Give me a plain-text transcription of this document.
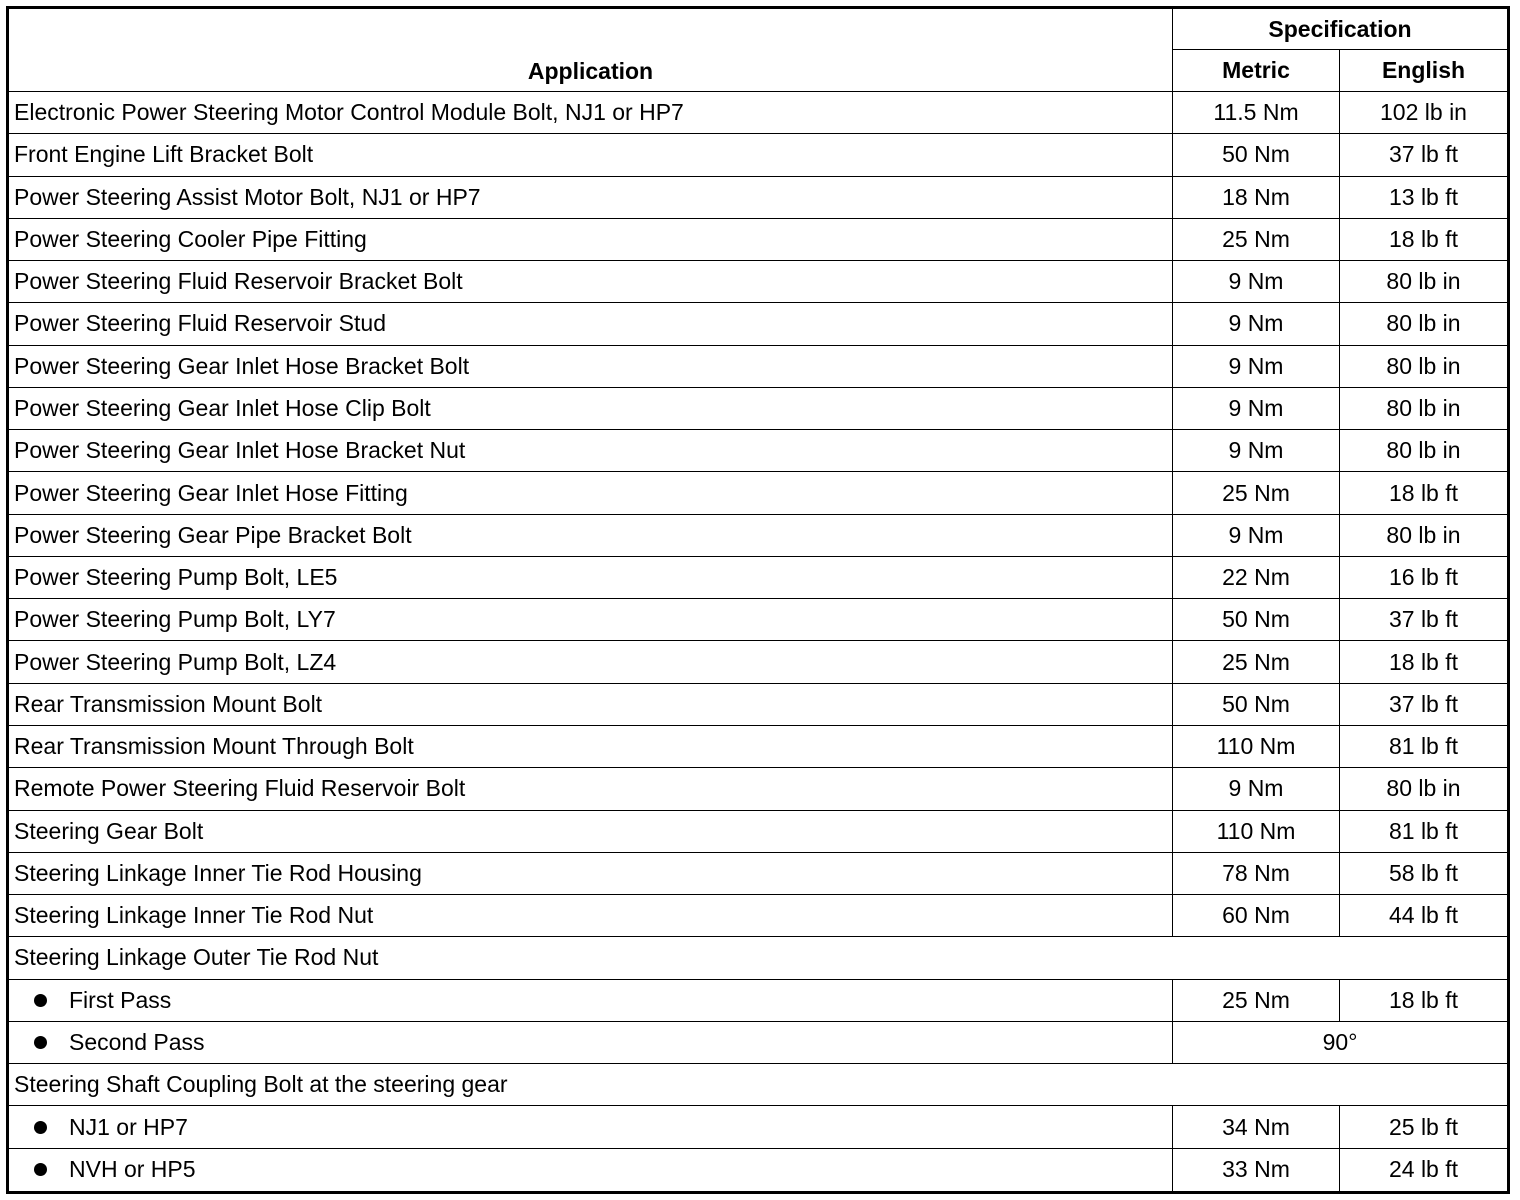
Application	Specification	
	Metric	English
Electronic Power Steering Motor Control Module Bolt, NJ1 or HP7	11.5 Nm	102 lb in
Front Engine Lift Bracket Bolt	50 Nm	37 lb ft
Power Steering Assist Motor Bolt, NJ1 or HP7	18 Nm	13 lb ft
Power Steering Cooler Pipe Fitting	25 Nm	18 lb ft
Power Steering Fluid Reservoir Bracket Bolt	9 Nm	80 lb in
Power Steering Fluid Reservoir Stud	9 Nm	80 lb in
Power Steering Gear Inlet Hose Bracket Bolt	9 Nm	80 lb in
Power Steering Gear Inlet Hose Clip Bolt	9 Nm	80 lb in
Power Steering Gear Inlet Hose Bracket Nut	9 Nm	80 lb in
Power Steering Gear Inlet Hose Fitting	25 Nm	18 lb ft
Power Steering Gear Pipe Bracket Bolt	9 Nm	80 lb in
Power Steering Pump Bolt, LE5	22 Nm	16 lb ft
Power Steering Pump Bolt, LY7	50 Nm	37 lb ft
Power Steering Pump Bolt, LZ4	25 Nm	18 lb ft
Rear Transmission Mount Bolt	50 Nm	37 lb ft
Rear Transmission Mount Through Bolt	110 Nm	81 lb ft
Remote Power Steering Fluid Reservoir Bolt	9 Nm	80 lb in
Steering Gear Bolt	110 Nm	81 lb ft
Steering Linkage Inner Tie Rod Housing	78 Nm	58 lb ft
Steering Linkage Inner Tie Rod Nut	60 Nm	44 lb ft
Steering Linkage Outer Tie Rod Nut		
First Pass	25 Nm	18 lb ft
Second Pass	90°	
Steering Shaft Coupling Bolt at the steering gear		
NJ1 or HP7	34 Nm	25 lb ft
NVH or HP5	33 Nm	24 lb ft
